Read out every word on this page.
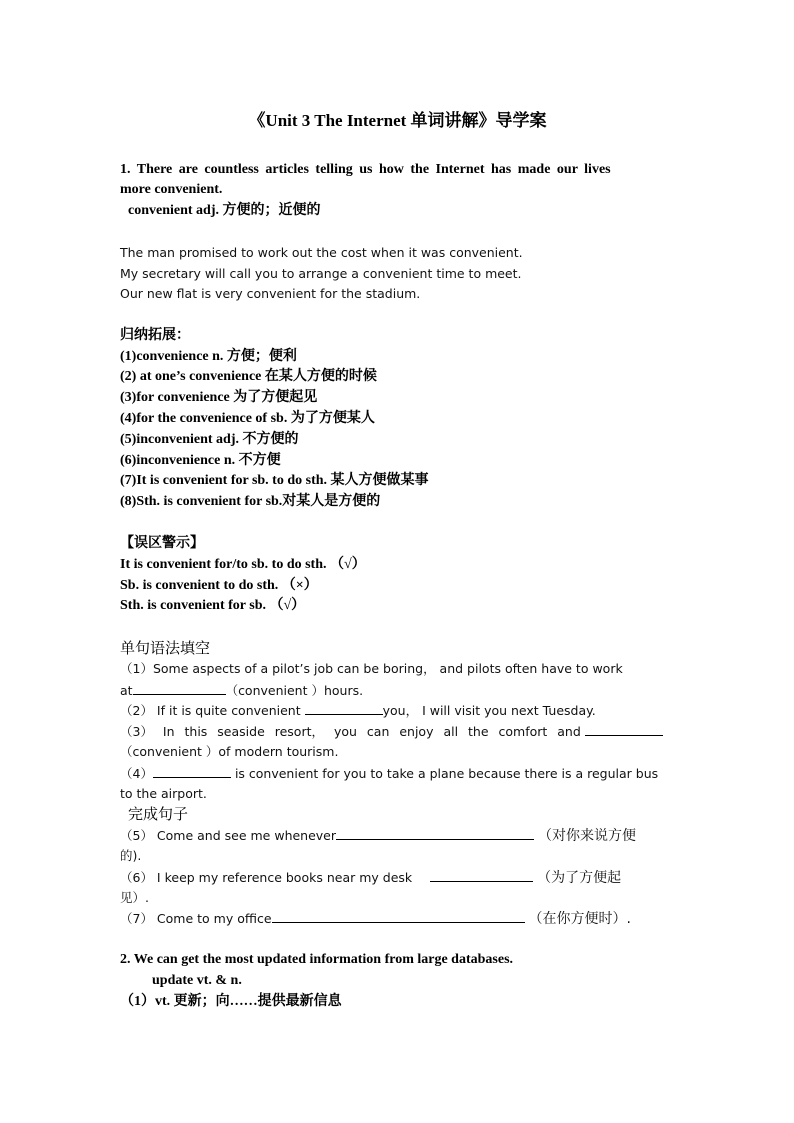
《Unit 3 The Internet 单词讲解》导学案
1. There are countless articles telling us how the Internet has made our lives
more convenient.
convenient adj. 方便的；近便的
The man promised to work out the cost when it was convenient.
My secretary will call you to arrange a convenient time to meet.
Our new flat is very convenient for the stadium.
归纳拓展：
(1)convenience n. 方便；便利
(2) at one’s convenience 在某人方便的时候
(3)for convenience 为了方便起见
(4)for the convenience of sb. 为了方便某人
(5)inconvenient adj. 不方便的
(6)inconvenience n. 不方便
(7)It is convenient for sb. to do sth. 某人方便做某事
(8)Sth. is convenient for sb.对某人是方便的
【误区警示】
It is convenient for/to sb. to do sth. （√）
Sb. is convenient to do sth. （×）
Sth. is convenient for sb. （√）
单句语法填空
（1）Some aspects of a pilot’s job can be boring， and pilots often have to work
at	（convenient ）hours.
（2） If it is quite convenient	you， I will visit you next Tuesday.
（3） In this seaside resort， you can enjoy all the comfort and
（convenient ）of modern tourism.
（4）	is convenient for you to take a plane because there is a regular bus
to the airport.
完成句子
（5） Come and see me whenever	（对你来说方便
的).
（6） I keep my reference books near my desk	（为了方便起
见）.
（7） Come to my office	（在你方便时）.
2. We can get the most updated information from large databases.
update vt. & n.
（1）vt. 更新；向……提供最新信息
